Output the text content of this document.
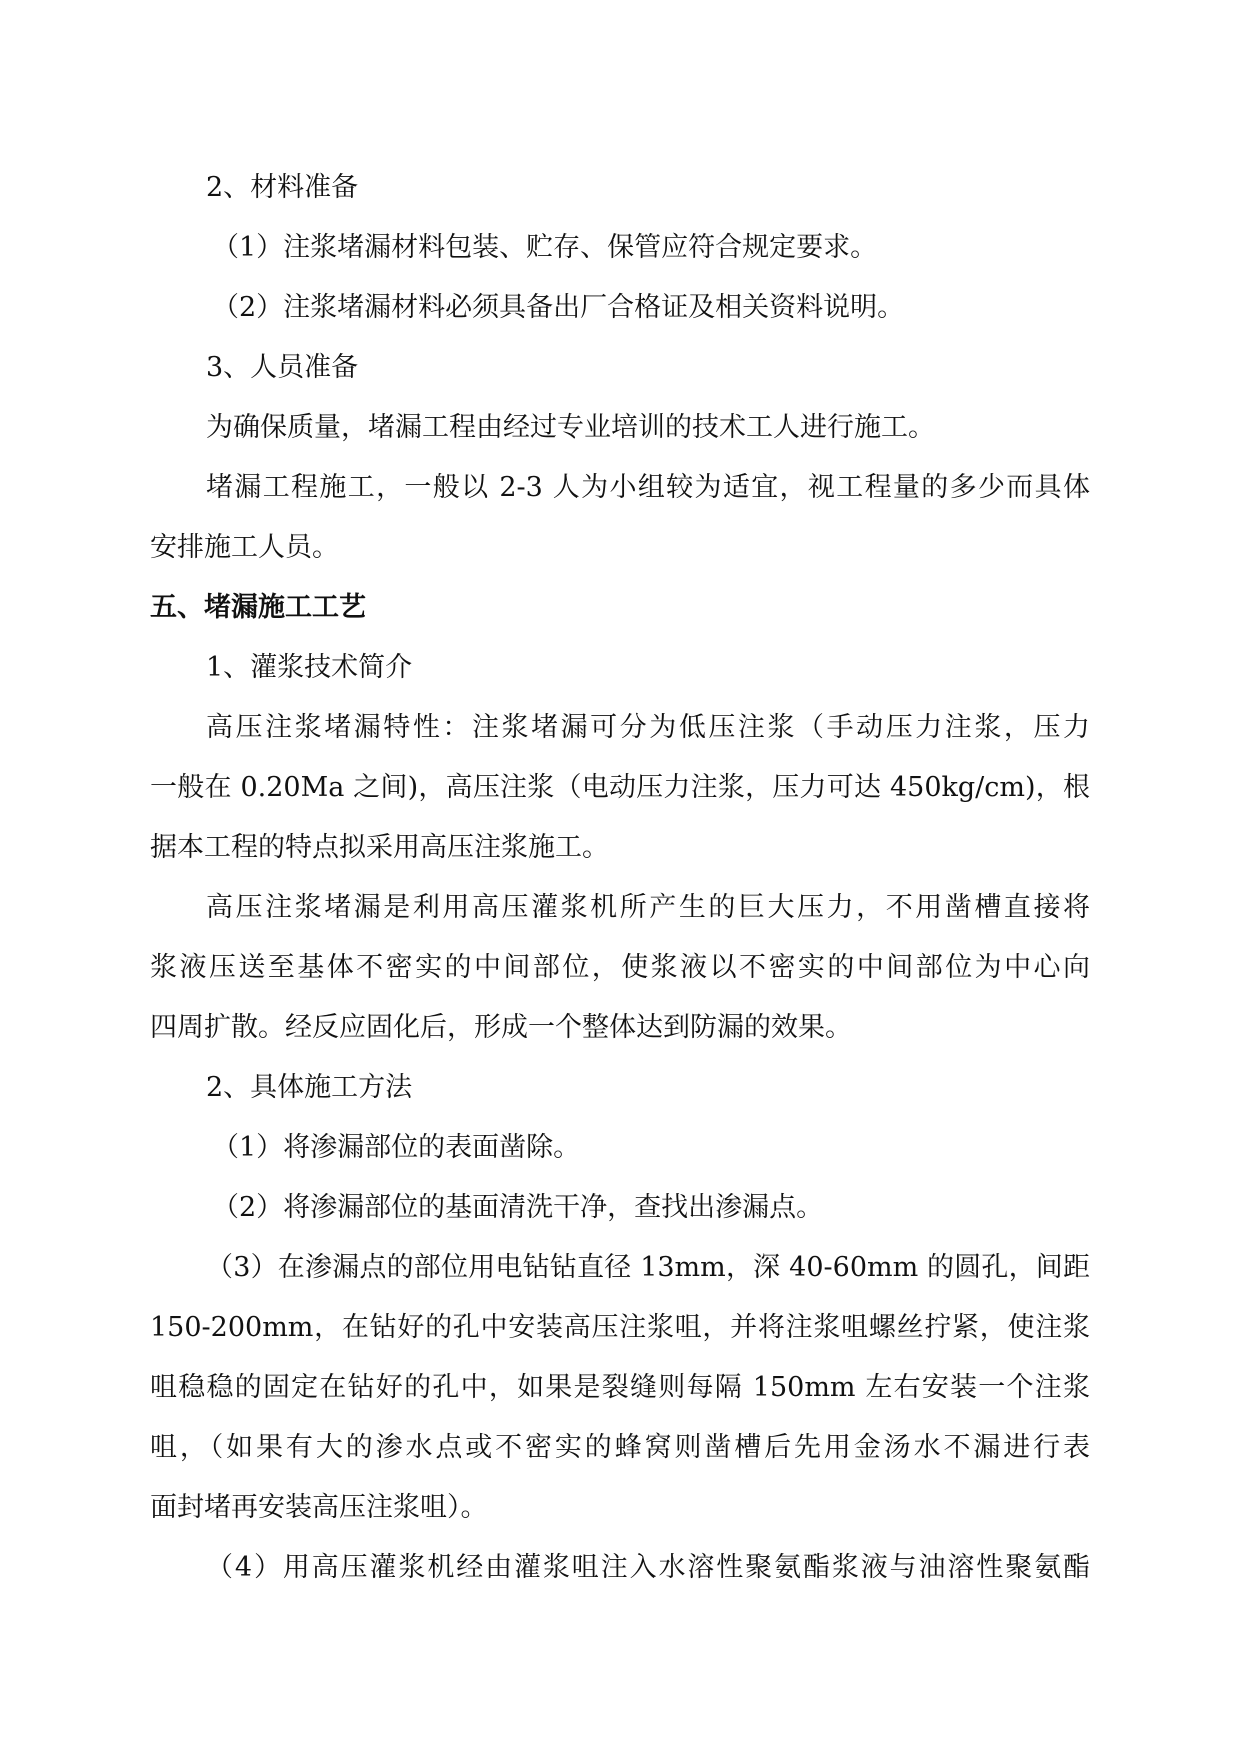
2、材料准备
（1）注浆堵漏材料包装、贮存、保管应符合规定要求。
（2）注浆堵漏材料必须具备出厂合格证及相关资料说明。
3、人员准备
为确保质量，堵漏工程由经过专业培训的技术工人进行施工。
堵漏工程施工，一般以 2-3 人为小组较为适宜，视工程量的多少而具体
安排施工人员。
五、堵漏施工工艺
1、灌浆技术简介
高压注浆堵漏特性：注浆堵漏可分为低压注浆（手动压力注浆，压力
一般在 0.20Ma 之间)，高压注浆（电动压力注浆，压力可达 450kg/cm)，根
据本工程的特点拟采用高压注浆施工。
高压注浆堵漏是利用高压灌浆机所产生的巨大压力，不用凿槽直接将
浆液压送至基体不密实的中间部位，使浆液以不密实的中间部位为中心向
四周扩散。经反应固化后，形成一个整体达到防漏的效果。
2、具体施工方法
（1）将渗漏部位的表面凿除。
（2）将渗漏部位的基面清洗干净，查找出渗漏点。
（3）在渗漏点的部位用电钻钻直径 13mm，深 40-60mm 的圆孔，间距
150-200mm，在钻好的孔中安装高压注浆咀，并将注浆咀螺丝拧紧，使注浆
咀稳稳的固定在钻好的孔中，如果是裂缝则每隔 150mm 左右安装一个注浆
咀，（如果有大的渗水点或不密实的蜂窝则凿槽后先用金汤水不漏进行表
面封堵再安装高压注浆咀）。
（4）用高压灌浆机经由灌浆咀注入水溶性聚氨酯浆液与油溶性聚氨酯
